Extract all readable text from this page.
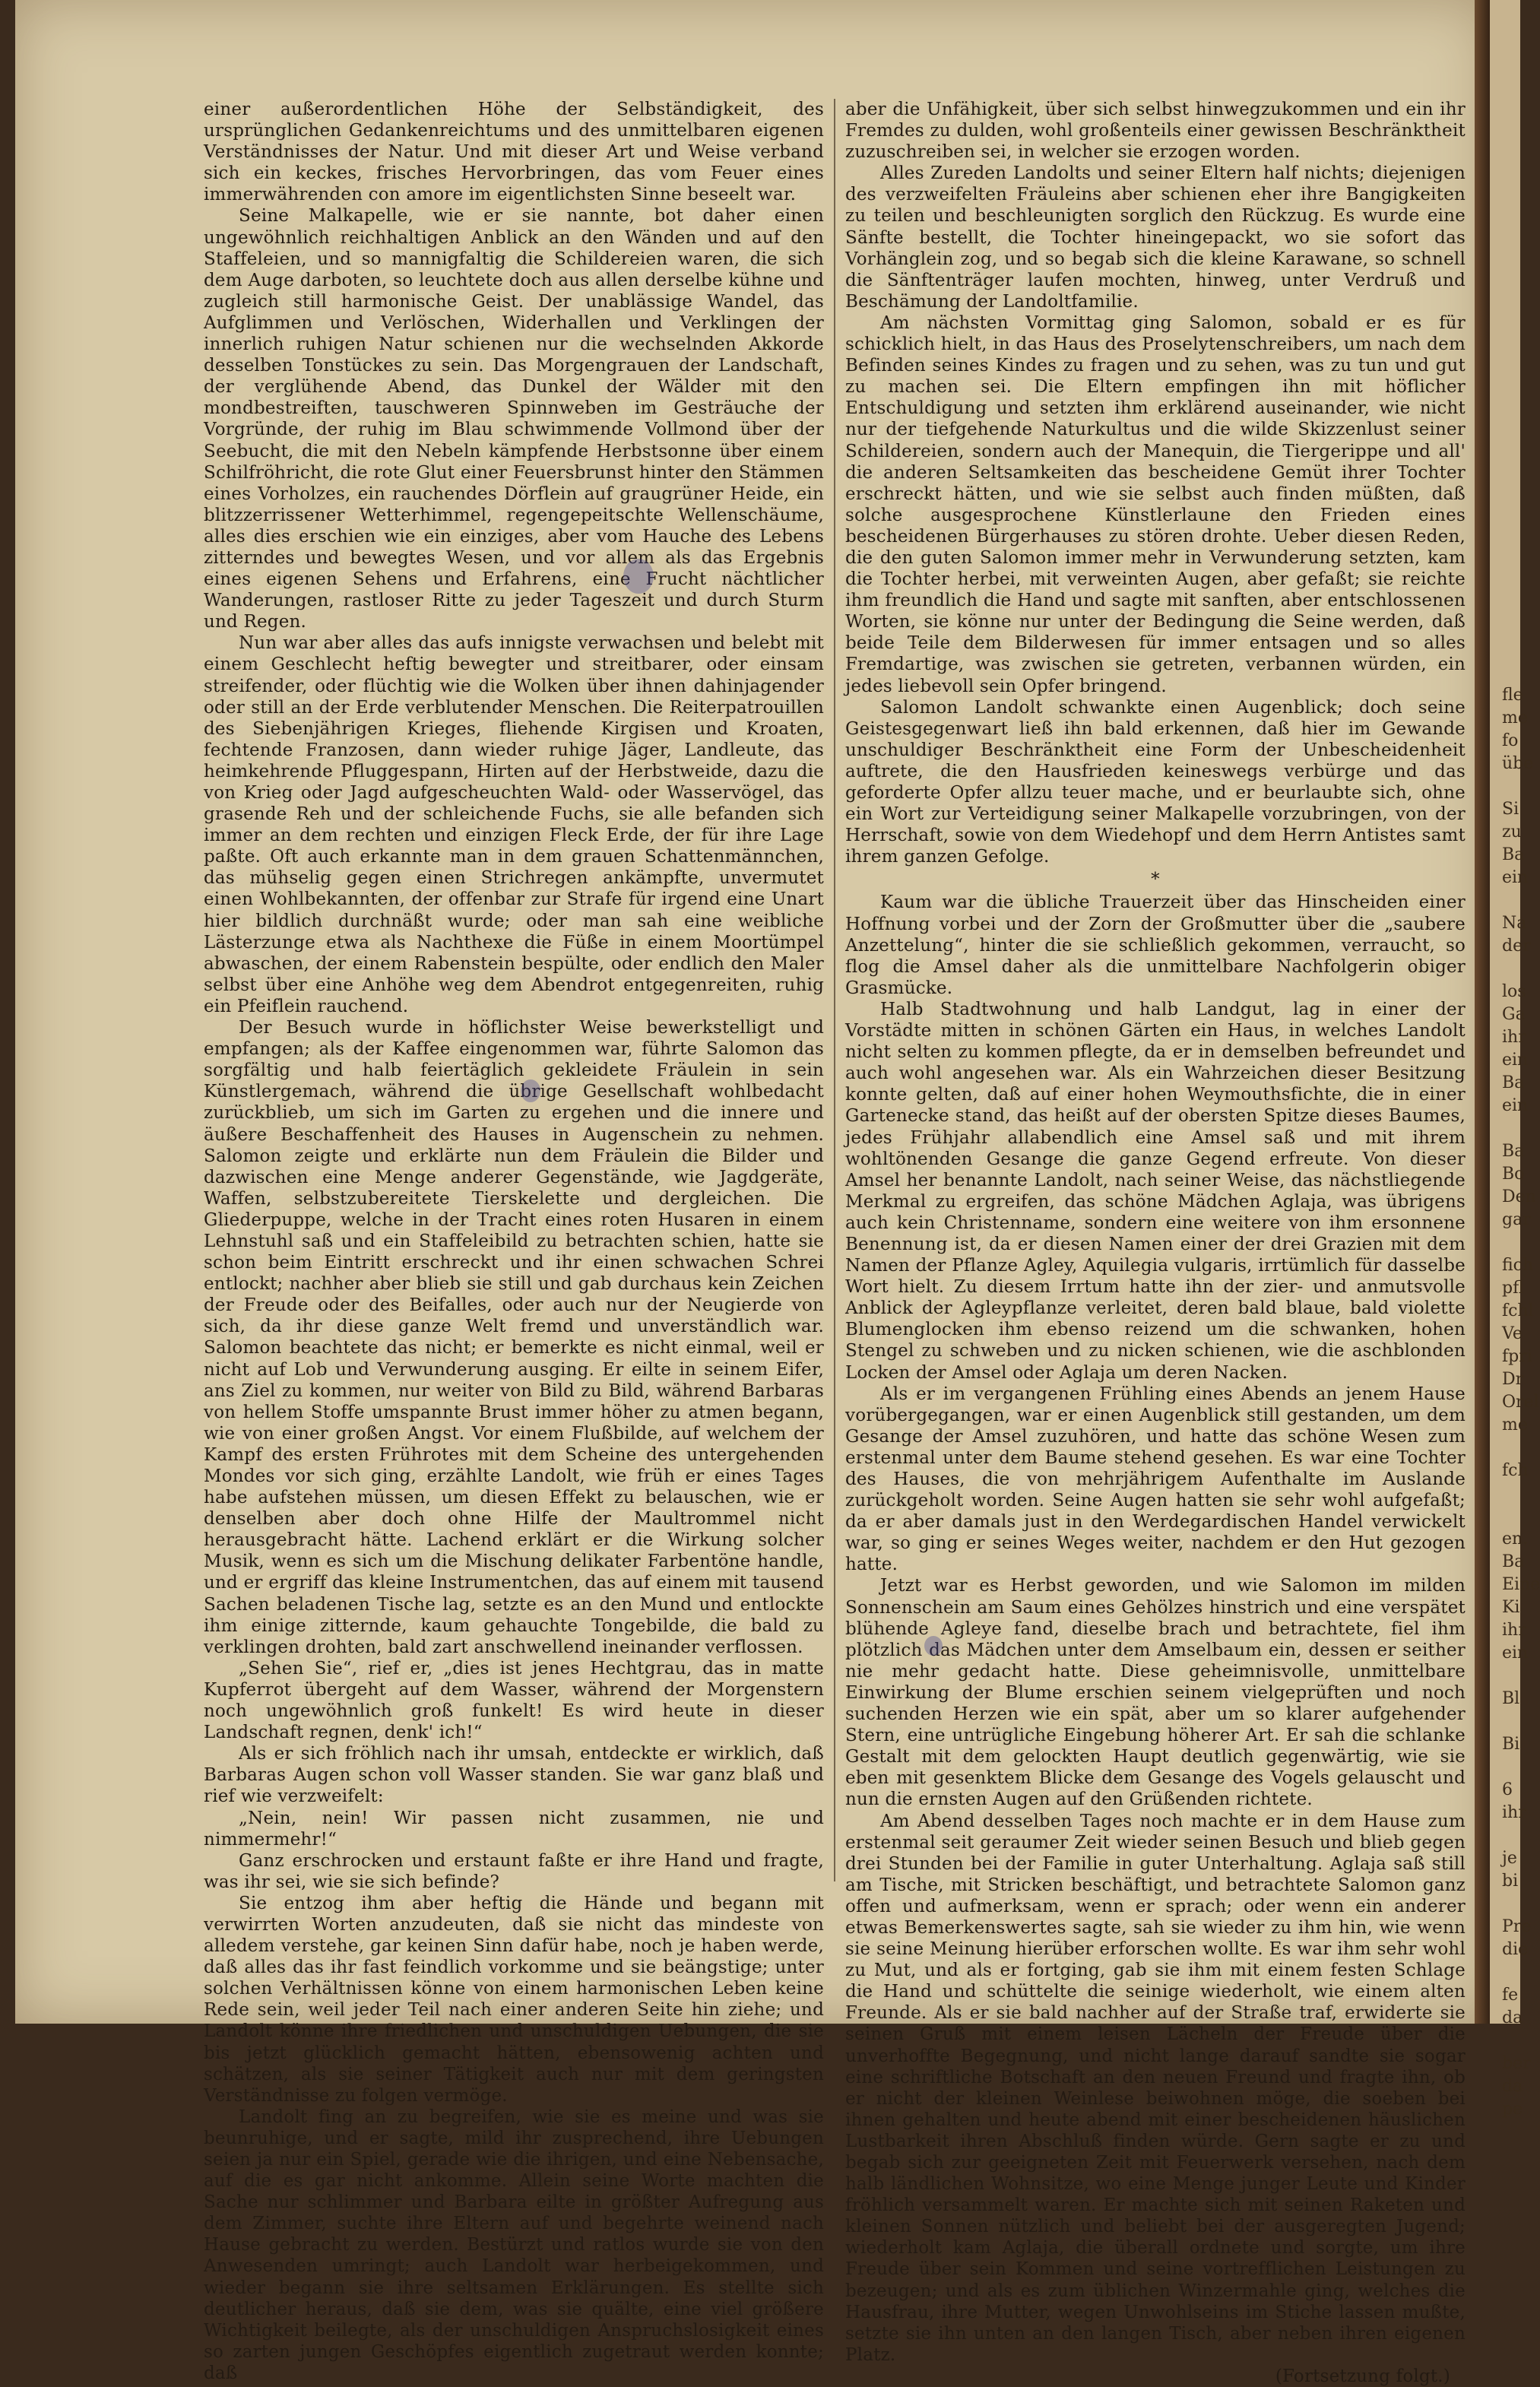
einer außerordentlichen Höhe der Selbständigkeit, des ursprünglichen Gedankenreichtums und des unmittelbaren eigenen Verständnisses der Natur. Und mit dieser Art und Weise verband sich ein keckes, frisches Hervorbringen, das vom Feuer eines immerwährenden con amore im eigentlichsten Sinne beseelt war.

Seine Malkapelle, wie er sie nannte, bot daher einen ungewöhnlich reichhaltigen Anblick an den Wänden und auf den Staffeleien, und so mannigfaltig die Schildereien waren, die sich dem Auge darboten, so leuchtete doch aus allen derselbe kühne und zugleich still harmonische Geist. Der unablässige Wandel, das Aufglimmen und Verlöschen, Widerhallen und Verklingen der innerlich ruhigen Natur schienen nur die wechselnden Akkorde desselben Tonstückes zu sein. Das Morgengrauen der Landschaft, der verglühende Abend, das Dunkel der Wälder mit den mondbestreiften, tauschweren Spinnweben im Gesträuche der Vorgründe, der ruhig im Blau schwimmende Vollmond über der Seebucht, die mit den Nebeln kämpfende Herbstsonne über einem Schilfröhricht, die rote Glut einer Feuersbrunst hinter den Stämmen eines Vorholzes, ein rauchendes Dörflein auf graugrüner Heide, ein blitzzerrissener Wetterhimmel, regengepeitschte Wellenschäume, alles dies erschien wie ein einziges, aber vom Hauche des Lebens zitterndes und bewegtes Wesen, und vor allem als das Ergebnis eines eigenen Sehens und Erfahrens, eine Frucht nächtlicher Wanderungen, rastloser Ritte zu jeder Tageszeit und durch Sturm und Regen.

Nun war aber alles das aufs innigste verwachsen und belebt mit einem Geschlecht heftig bewegter und streitbarer, oder einsam streifender, oder flüchtig wie die Wolken über ihnen dahinjagender oder still an der Erde verblutender Menschen. Die Reiterpatrouillen des Siebenjährigen Krieges, fliehende Kirgisen und Kroaten, fechtende Franzosen, dann wieder ruhige Jäger, Landleute, das heimkehrende Pfluggespann, Hirten auf der Herbstweide, dazu die von Krieg oder Jagd aufgescheuchten Wald- oder Wasservögel, das grasende Reh und der schleichende Fuchs, sie alle befanden sich immer an dem rechten und einzigen Fleck Erde, der für ihre Lage paßte. Oft auch erkannte man in dem grauen Schattenmännchen, das mühselig gegen einen Strichregen ankämpfte, unvermutet einen Wohlbekannten, der offenbar zur Strafe für irgend eine Unart hier bildlich durchnäßt wurde; oder man sah eine weibliche Lästerzunge etwa als Nachthexe die Füße in einem Moortümpel abwaschen, der einem Rabenstein bespülte, oder endlich den Maler selbst über eine Anhöhe weg dem Abendrot entgegenreiten, ruhig ein Pfeiflein rauchend.

Der Besuch wurde in höflichster Weise bewerkstelligt und empfangen; als der Kaffee eingenommen war, führte Salomon das sorgfältig und halb feiertäglich gekleidete Fräulein in sein Künstlergemach, während die übrige Gesellschaft wohlbedacht zurückblieb, um sich im Garten zu ergehen und die innere und äußere Beschaffenheit des Hauses in Augenschein zu nehmen. Salomon zeigte und erklärte nun dem Fräulein die Bilder und dazwischen eine Menge anderer Gegenstände, wie Jagdgeräte, Waffen, selbstzubereitete Tierskelette und dergleichen. Die Gliederpuppe, welche in der Tracht eines roten Husaren in einem Lehnstuhl saß und ein Staffeleibild zu betrachten schien, hatte sie schon beim Eintritt erschreckt und ihr einen schwachen Schrei entlockt; nachher aber blieb sie still und gab durchaus kein Zeichen der Freude oder des Beifalles, oder auch nur der Neugierde von sich, da ihr diese ganze Welt fremd und unverständlich war. Salomon beachtete das nicht; er bemerkte es nicht einmal, weil er nicht auf Lob und Verwunderung ausging. Er eilte in seinem Eifer, ans Ziel zu kommen, nur weiter von Bild zu Bild, während Barbaras von hellem Stoffe umspannte Brust immer höher zu atmen begann, wie von einer großen Angst. Vor einem Flußbilde, auf welchem der Kampf des ersten Frührotes mit dem Scheine des untergehenden Mondes vor sich ging, erzählte Landolt, wie früh er eines Tages habe aufstehen müssen, um diesen Effekt zu belauschen, wie er denselben aber doch ohne Hilfe der Maultrommel nicht herausgebracht hätte. Lachend erklärt er die Wirkung solcher Musik, wenn es sich um die Mischung delikater Farbentöne handle, und er ergriff das kleine Instrumentchen, das auf einem mit tausend Sachen beladenen Tische lag, setzte es an den Mund und entlockte ihm einige zitternde, kaum gehauchte Tongebilde, die bald zu verklingen drohten, bald zart anschwellend ineinander verflossen.

„Sehen Sie“, rief er, „dies ist jenes Hechtgrau, das in matte Kupferrot übergeht auf dem Wasser, während der Morgenstern noch ungewöhnlich groß funkelt! Es wird heute in dieser Landschaft regnen, denk' ich!“

Als er sich fröhlich nach ihr umsah, entdeckte er wirklich, daß Barbaras Augen schon voll Wasser standen. Sie war ganz blaß und rief wie verzweifelt:

„Nein, nein! Wir passen nicht zusammen, nie und nimmermehr!“

Ganz erschrocken und erstaunt faßte er ihre Hand und fragte, was ihr sei, wie sie sich befinde?

Sie entzog ihm aber heftig die Hände und begann mit verwirrten Worten anzudeuten, daß sie nicht das mindeste von alledem verstehe, gar keinen Sinn dafür habe, noch je haben werde, daß alles das ihr fast feindlich vorkomme und sie beängstige; unter solchen Verhältnissen könne von einem harmonischen Leben keine Rede sein, weil jeder Teil nach einer anderen Seite hin ziehe; und Landolt könne ihre friedlichen und unschuldigen Uebungen, die sie bis jetzt glücklich gemacht hätten, ebensowenig achten und schätzen, als sie seiner Tätigkeit auch nur mit dem geringsten Verständnisse zu folgen vermöge.

Landolt fing an zu begreifen, wie sie es meine und was sie beunruhige, und er sagte, mild ihr zusprechend, ihre Uebungen seien ja nur ein Spiel, gerade wie die ihrigen, und eine Nebensache, auf die es gar nicht ankomme. Allein seine Worte machten die Sache nur schlimmer und Barbara eilte in größter Aufregung aus dem Zimmer, suchte ihre Eltern auf und begehrte weinend nach Hause gebracht zu werden. Bestürzt und ratlos wurde sie von den Anwesenden umringt; auch Landolt war herbeigekommen, und wieder begann sie ihre seltsamen Erklärungen. Es stellte sich deutlicher heraus, daß sie dem, was sie quälte, eine viel größere Wichtigkeit beilegte, als der unschuldigen Anspruchslosigkeit eines so zarten jungen Geschöpfes eigentlich zugetraut werden konnte; daß

aber die Unfähigkeit, über sich selbst hinwegzukommen und ein ihr Fremdes zu dulden, wohl großenteils einer gewissen Beschränktheit zuzuschreiben sei, in welcher sie erzogen worden.

Alles Zureden Landolts und seiner Eltern half nichts; diejenigen des verzweifelten Fräuleins aber schienen eher ihre Bangigkeiten zu teilen und beschleunigten sorglich den Rückzug. Es wurde eine Sänfte bestellt, die Tochter hineingepackt, wo sie sofort das Vorhänglein zog, und so begab sich die kleine Karawane, so schnell die Sänftenträger laufen mochten, hinweg, unter Verdruß und Beschämung der Landoltfamilie.

Am nächsten Vormittag ging Salomon, sobald er es für schicklich hielt, in das Haus des Proselytenschreibers, um nach dem Befinden seines Kindes zu fragen und zu sehen, was zu tun und gut zu machen sei. Die Eltern empfingen ihn mit höflicher Entschuldigung und setzten ihm erklärend auseinander, wie nicht nur der tiefgehende Naturkultus und die wilde Skizzenlust seiner Schildereien, sondern auch der Manequin, die Tiergerippe und all' die anderen Seltsamkeiten das bescheidene Gemüt ihrer Tochter erschreckt hätten, und wie sie selbst auch finden müßten, daß solche ausgesprochene Künstlerlaune den Frieden eines bescheidenen Bürgerhauses zu stören drohte. Ueber diesen Reden, die den guten Salomon immer mehr in Verwunderung setzten, kam die Tochter herbei, mit verweinten Augen, aber gefaßt; sie reichte ihm freundlich die Hand und sagte mit sanften, aber entschlossenen Worten, sie könne nur unter der Bedingung die Seine werden, daß beide Teile dem Bilderwesen für immer entsagen und so alles Fremdartige, was zwischen sie getreten, verbannen würden, ein jedes liebevoll sein Opfer bringend.

Salomon Landolt schwankte einen Augenblick; doch seine Geistesgegenwart ließ ihn bald erkennen, daß hier im Gewande unschuldiger Beschränktheit eine Form der Unbescheidenheit auftrete, die den Hausfrieden keineswegs verbürge und das geforderte Opfer allzu teuer mache, und er beurlaubte sich, ohne ein Wort zur Verteidigung seiner Malkapelle vorzubringen, von der Herrschaft, sowie von dem Wiedehopf und dem Herrn Antistes samt ihrem ganzen Gefolge.

*

Kaum war die übliche Trauerzeit über das Hinscheiden einer Hoffnung vorbei und der Zorn der Großmutter über die „saubere Anzettelung“, hinter die sie schließlich gekommen, verraucht, so flog die Amsel daher als die unmittelbare Nachfolgerin obiger Grasmücke.

Halb Stadtwohnung und halb Landgut, lag in einer der Vorstädte mitten in schönen Gärten ein Haus, in welches Landolt nicht selten zu kommen pflegte, da er in demselben befreundet und auch wohl angesehen war. Als ein Wahrzeichen dieser Besitzung konnte gelten, daß auf einer hohen Weymouthsfichte, die in einer Gartenecke stand, das heißt auf der obersten Spitze dieses Baumes, jedes Frühjahr allabendlich eine Amsel saß und mit ihrem wohltönenden Gesange die ganze Gegend erfreute. Von dieser Amsel her benannte Landolt, nach seiner Weise, das nächstliegende Merkmal zu ergreifen, das schöne Mädchen Aglaja, was übrigens auch kein Christenname, sondern eine weitere von ihm ersonnene Benennung ist, da er diesen Namen einer der drei Grazien mit dem Namen der Pflanze Agley, Aquilegia vulgaris, irrtümlich für dasselbe Wort hielt. Zu diesem Irrtum hatte ihn der zier- und anmutsvolle Anblick der Agleypflanze verleitet, deren bald blaue, bald violette Blumenglocken ihm ebenso reizend um die schwanken, hohen Stengel zu schweben und zu nicken schienen, wie die aschblonden Locken der Amsel oder Aglaja um deren Nacken.

Als er im vergangenen Frühling eines Abends an jenem Hause vorübergegangen, war er einen Augenblick still gestanden, um dem Gesange der Amsel zuzuhören, und hatte das schöne Wesen zum erstenmal unter dem Baume stehend gesehen. Es war eine Tochter des Hauses, die von mehrjährigem Aufenthalte im Auslande zurückgeholt worden. Seine Augen hatten sie sehr wohl aufgefaßt; da er aber damals just in den Werdegardischen Handel verwickelt war, so ging er seines Weges weiter, nachdem er den Hut gezogen hatte.

Jetzt war es Herbst geworden, und wie Salomon im milden Sonnenschein am Saum eines Gehölzes hinstrich und eine verspätet blühende Agleye fand, dieselbe brach und betrachtete, fiel ihm plötzlich das Mädchen unter dem Amselbaum ein, dessen er seither nie mehr gedacht hatte. Diese geheimnisvolle, unmittelbare Einwirkung der Blume erschien seinem vielgeprüften und noch suchenden Herzen wie ein spät, aber um so klarer aufgehender Stern, eine untrügliche Eingebung höherer Art. Er sah die schlanke Gestalt mit dem gelockten Haupt deutlich gegenwärtig, wie sie eben mit gesenktem Blicke dem Gesange des Vogels gelauscht und nun die ernsten Augen auf den Grüßenden richtete.

Am Abend desselben Tages noch machte er in dem Hause zum erstenmal seit geraumer Zeit wieder seinen Besuch und blieb gegen drei Stunden bei der Familie in guter Unterhaltung. Aglaja saß still am Tische, mit Stricken beschäftigt, und betrachtete Salomon ganz offen und aufmerksam, wenn er sprach; oder wenn ein anderer etwas Bemerkenswertes sagte, sah sie wieder zu ihm hin, wie wenn sie seine Meinung hierüber erforschen wollte. Es war ihm sehr wohl zu Mut, und als er fortging, gab sie ihm mit einem festen Schlage die Hand und schüttelte die seinige wiederholt, wie einem alten Freunde. Als er sie bald nachher auf der Straße traf, erwiderte sie seinen Gruß mit einem leisen Lächeln der Freude über die unverhoffte Begegnung, und nicht lange darauf sandte sie sogar eine schriftliche Botschaft an den neuen Freund und fragte ihn, ob er nicht der kleinen Weinlese beiwohnen möge, die soeben bei ihnen gehalten und heute abend mit einer bescheidenen häuslichen Lustbarkeit ihren Abschluß finden würde. Gern sagte er zu und begab sich zur geeigneten Zeit mit Feuerwerk versehen, nach dem halb ländlichen Wohnsitze, wo eine Menge junger Leute und Kinder fröhlich versammelt waren. Er machte sich mit seinen Raketen und kleinen Sonnen nützlich und beliebt bei der ausgeregten Jugend; wiederholt kam Aglaja, die überall ordnete und sorgte, um ihre Freude über sein Kommen und seine vortrefflichen Leistungen zu bezeugen; und als es zum üblichen Winzermahle ging, welches die Hausfrau, ihre Mutter, wegen Unwohlseins im Stiche lassen mußte, setzte sie ihn unten an den langen Tisch, aber neben ihren eigenen Platz.

(Fortsetzung folgt.)

fle
me
fo
übe

Si
zu
Ba
ein

Na
der

los
Ga
ihr
ein
Ba
ein

Ba
Bo
Den
gar

fich
pfl
fchl
Ve
fpri
Dr
Orel
me

fch

en.
Ba
Eine
Ki
ihr
ein

Bl

Bi

6
ihr

je
bi

Pre
die

fe
da

ber
da
pe
